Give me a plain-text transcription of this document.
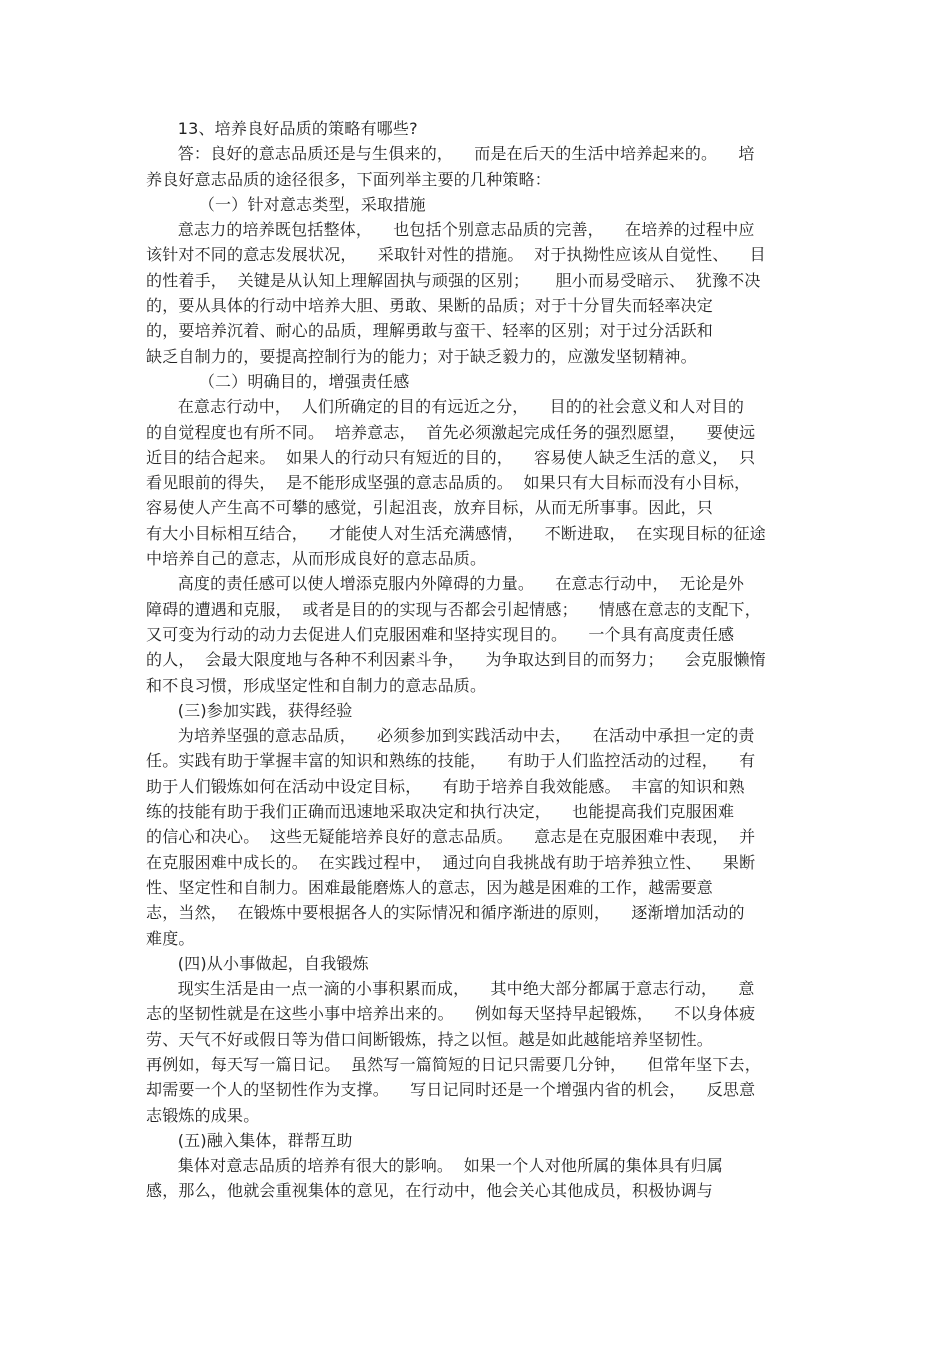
13、培养良好品质的策略有哪些?
答：良好的意志品质还是与生俱来的，    而是在后天的生活中培养起来的。    培
养良好意志品质的途径很多，下面列举主要的几种策略：
（一）针对意志类型，采取措施
意志力的培养既包括整体，    也包括个别意志品质的完善，    在培养的过程中应
该针对不同的意志发展状况，    采取针对性的措施。  对于执拗性应该从自觉性、    目
的性着手，  关键是从认知上理解固执与顽强的区别；     胆小而易受暗示、  犹豫不决
的，要从具体的行动中培养大胆、勇敢、果断的品质；对于十分冒失而轻率决定
的，要培养沉着、耐心的品质，理解勇敢与蛮干、轻率的区别；对于过分活跃和
缺乏自制力的，要提高控制行为的能力；对于缺乏毅力的，应激发坚韧精神。
（二）明确目的，增强责任感
在意志行动中，  人们所确定的目的有远近之分，    目的的社会意义和人对目的
的自觉程度也有所不同。  培养意志，  首先必须激起完成任务的强烈愿望，    要使远
近目的结合起来。  如果人的行动只有短近的目的，    容易使人缺乏生活的意义，  只
看见眼前的得失，  是不能形成坚强的意志品质的。  如果只有大目标而没有小目标，
容易使人产生高不可攀的感觉，引起沮丧，放弃目标，从而无所事事。因此，只
有大小目标相互结合，    才能使人对生活充满感情，    不断进取，  在实现目标的征途
中培养自己的意志，从而形成良好的意志品质。
高度的责任感可以使人增添克服内外障碍的力量。    在意志行动中，  无论是外
障碍的遭遇和克服，  或者是目的的实现与否都会引起情感；    情感在意志的支配下，
又可变为行动的动力去促进人们克服困难和坚持实现目的。    一个具有高度责任感
的人，  会最大限度地与各种不利因素斗争，    为争取达到目的而努力；    会克服懒惰
和不良习惯，形成坚定性和自制力的意志品质。
(三)参加实践，获得经验
为培养坚强的意志品质，    必须参加到实践活动中去，    在活动中承担一定的责
任。实践有助于掌握丰富的知识和熟练的技能，    有助于人们监控活动的过程，    有
助于人们锻炼如何在活动中设定目标，    有助于培养自我效能感。  丰富的知识和熟
练的技能有助于我们正确而迅速地采取决定和执行决定，    也能提高我们克服困难
的信心和决心。  这些无疑能培养良好的意志品质。    意志是在克服困难中表现，  并
在克服困难中成长的。  在实践过程中，  通过向自我挑战有助于培养独立性、    果断
性、坚定性和自制力。困难最能磨炼人的意志，因为越是困难的工作，越需要意
志，当然，  在锻炼中要根据各人的实际情况和循序渐进的原则，    逐渐增加活动的
难度。
(四)从小事做起，自我锻炼
现实生活是由一点一滴的小事积累而成，    其中绝大部分都属于意志行动，    意
志的坚韧性就是在这些小事中培养出来的。    例如每天坚持早起锻炼，    不以身体疲
劳、天气不好或假日等为借口间断锻炼，持之以恒。越是如此越能培养坚韧性。
再例如，每天写一篇日记。  虽然写一篇简短的日记只需要几分钟，    但常年坚下去，
却需要一个人的坚韧性作为支撑。    写日记同时还是一个增强内省的机会，    反思意
志锻炼的成果。
(五)融入集体，群帮互助
集体对意志品质的培养有很大的影响。  如果一个人对他所属的集体具有归属
感，那么，他就会重视集体的意见，在行动中，他会关心其他成员，积极协调与
